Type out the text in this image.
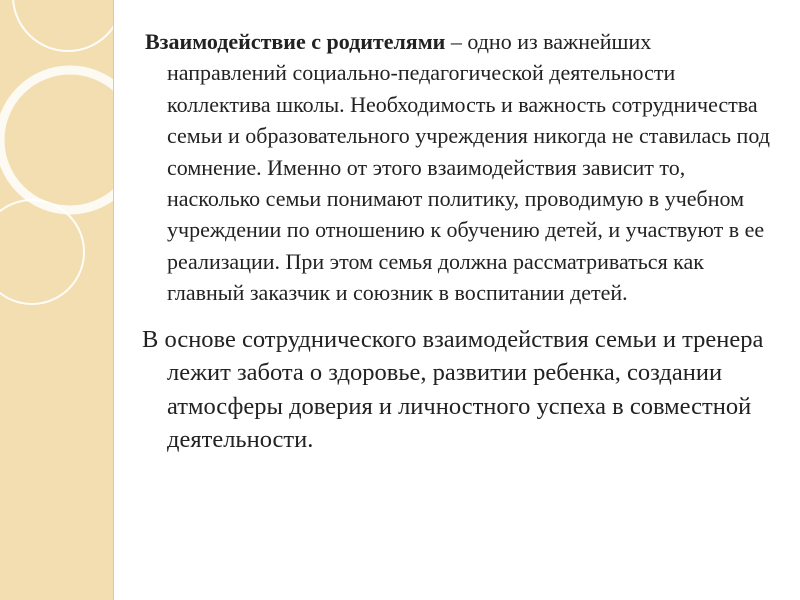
Взаимодействие с родителями – одно из важнейших направлений социально-педагогической деятельности коллектива школы. Необходимость и важность сотрудничества семьи и образовательного учреждения никогда не ставилась под сомнение. Именно от этого взаимодействия зависит то, насколько семьи понимают политику, проводимую в учебном учреждении по отношению к обучению детей, и участвуют в ее реализации. При этом семья должна рассматриваться как главный заказчик и союзник в воспитании детей.

В основе сотруднического взаимодействия семьи и тренера лежит забота о здоровье, развитии ребенка, создании атмосферы доверия и личностного успеха в совместной деятельности.
